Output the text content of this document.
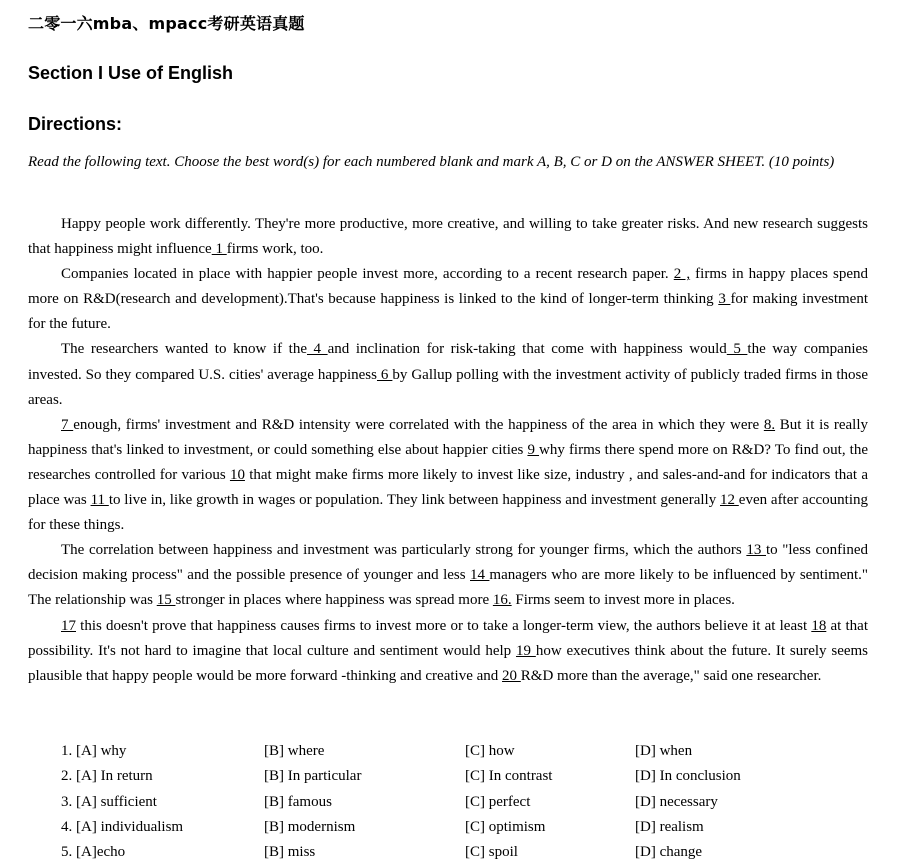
二零一六mba、mpacc考研英语真题
Section I Use of English
Directions:
Read the following text. Choose the best word(s) for each numbered blank and mark A, B, C or D on the ANSWER SHEET. (10 points)

Happy people work differently. They're more productive, more creative, and willing to take greater risks. And new research suggests that happiness might influence 1 firms work, too.

Companies located in place with happier people invest more, according to a recent research paper. 2 , firms in happy places spend more on R&D(research and development).That's because happiness is linked to the kind of longer-term thinking 3 for making investment for the future.

The researchers wanted to know if the 4 and inclination for risk-taking that come with happiness would 5 the way companies invested. So they compared U.S. cities' average happiness 6 by Gallup polling with the investment activity of publicly traded firms in those areas.

7 enough, firms' investment and R&D intensity were correlated with the happiness of the area in which they were 8. But it is really happiness that's linked to investment, or could something else about happier cities 9 why firms there spend more on R&D? To find out, the researches controlled for various 10 that might make firms more likely to invest like size, industry , and sales-and-and for indicators that a place was 11 to live in, like growth in wages or population. They link between happiness and investment generally 12 even after accounting for these things.

The correlation between happiness and investment was particularly strong for younger firms, which the authors 13 to "less confined decision making process" and the possible presence of younger and less 14 managers who are more likely to be influenced by sentiment." The relationship was 15 stronger in places where happiness was spread more 16. Firms seem to invest more in places.

17 this doesn't prove that happiness causes firms to invest more or to take a longer-term view, the authors believe it at least 18 at that possibility. It's not hard to imagine that local culture and sentiment would help 19 how executives think about the future. It surely seems plausible that happy people would be more forward -thinking and creative and 20 R&D more than the average," said one researcher.

1. [A] why	[B] where	[C] how	[D] when
2. [A] In return	[B] In particular	[C] In contrast	[D] In conclusion
3. [A] sufficient	[B] famous	[C] perfect	[D] necessary
4. [A] individualism	[B] modernism	[C] optimism	[D] realism
5. [A]echo	[B] miss	[C] spoil	[D] change
